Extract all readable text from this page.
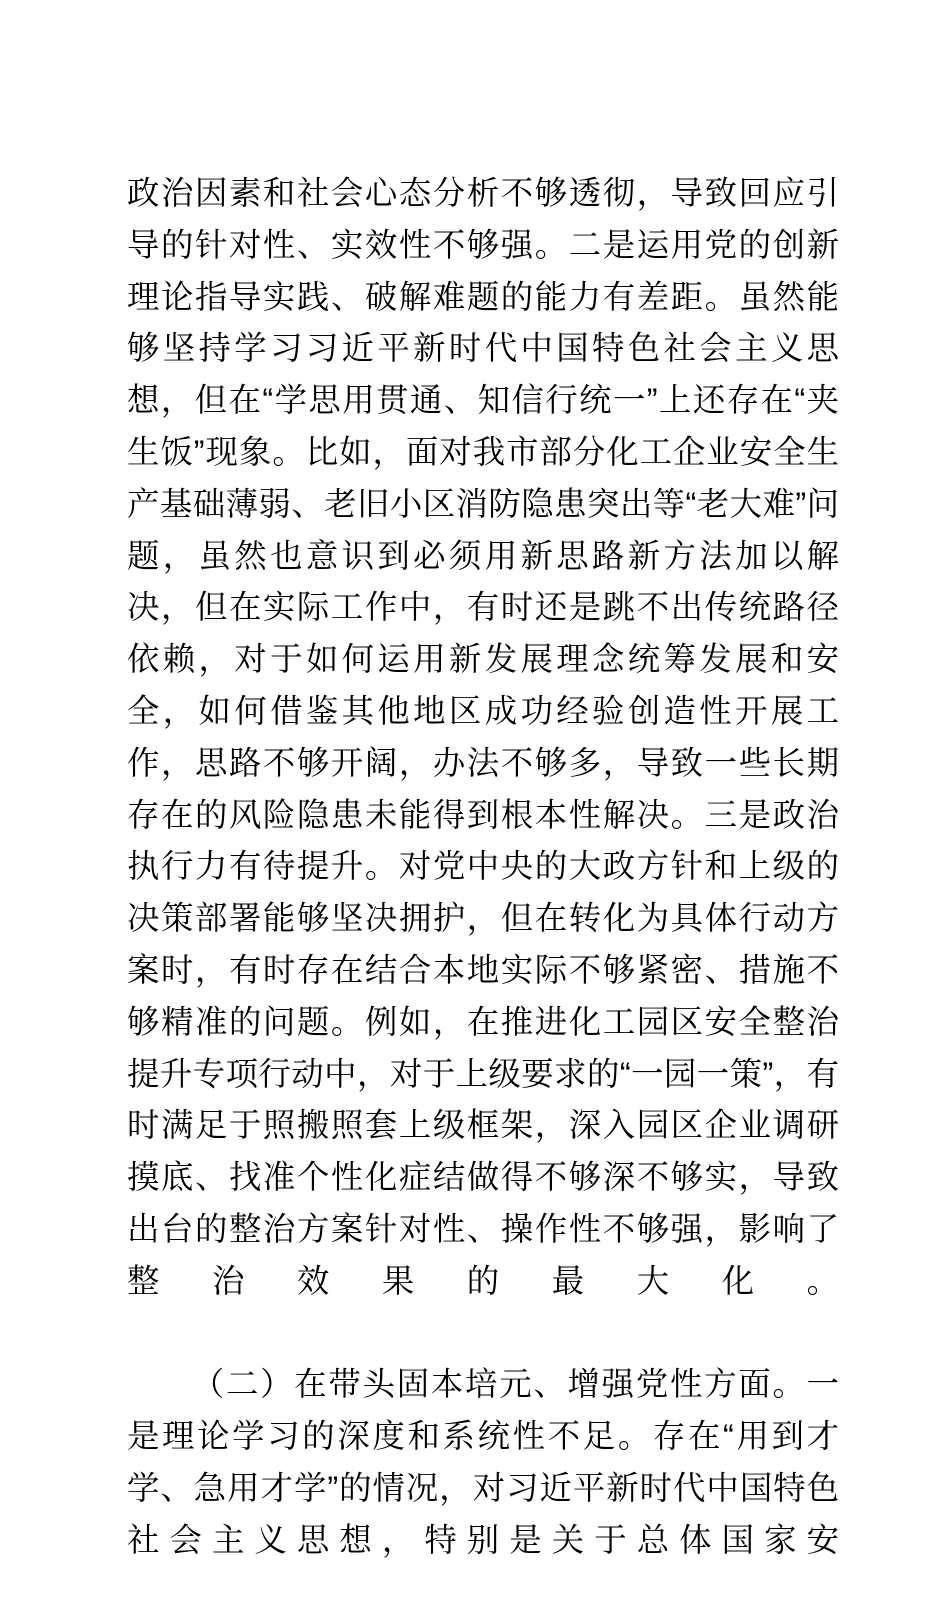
政治因素和社会心态分析不够透彻，导致回应引导的针对性、实效性不够强。二是运用党的创新理论指导实践、破解难题的能力有差距。虽然能够坚持学习习近平新时代中国特色社会主义思想，但在“学思用贯通、知信行统一”上还存在“夹生饭”现象。比如，面对我市部分化工企业安全生产基础薄弱、老旧小区消防隐患突出等“老大难”问题，虽然也意识到必须用新思路新方法加以解决，但在实际工作中，有时还是跳不出传统路径依赖，对于如何运用新发展理念统筹发展和安全，如何借鉴其他地区成功经验创造性开展工作，思路不够开阔，办法不够多，导致一些长期存在的风险隐患未能得到根本性解决。三是政治执行力有待提升。对党中央的大政方针和上级的决策部署能够坚决拥护，但在转化为具体行动方案时，有时存在结合本地实际不够紧密、措施不够精准的问题。例如，在推进化工园区安全整治提升专项行动中，对于上级要求的“一园一策”，有时满足于照搬照套上级框架，深入园区企业调研摸底、找准个性化症结做得不够深不够实，导致出台的整治方案针对性、操作性不够强，影响了整治效果的最大化。

（二）在带头固本培元、增强党性方面。一是理论学习的深度和系统性不足。存在“用到才学、急用才学”的情况，对习近平新时代中国特色社会主义思想，特别是关于总体国家安
